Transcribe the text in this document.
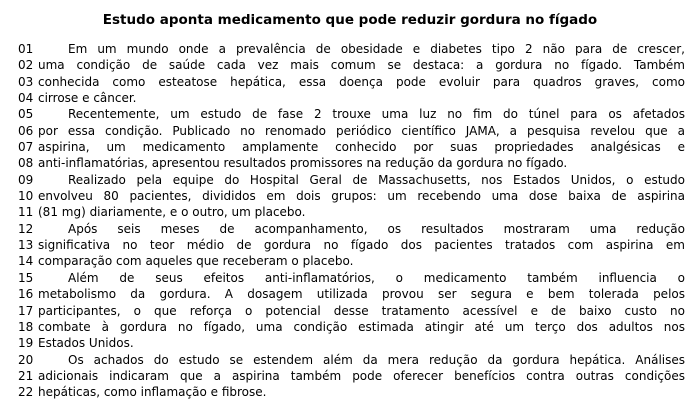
Estudo aponta medicamento que pode reduzir gordura no fígado
01	Em um mundo onde a prevalência de obesidade e diabetes tipo 2 não para de crescer,
02 uma condição de saúde cada vez mais comum se destaca: a gordura no fígado. Também
03 conhecida como esteatose hepática, essa doença pode evoluir para quadros graves, como
04 cirrose e câncer.
05	Recentemente, um estudo de fase 2 trouxe uma luz no fim do túnel para os afetados
06 por essa condição. Publicado no renomado periódico científico JAMA, a pesquisa revelou que a
07 aspirina, um medicamento amplamente conhecido por suas propriedades analgésicas e
08 anti-inflamatórias, apresentou resultados promissores na redução da gordura no fígado.
09	Realizado pela equipe do Hospital Geral de Massachusetts, nos Estados Unidos, o estudo
10 envolveu 80 pacientes, divididos em dois grupos: um recebendo uma dose baixa de aspirina
11 (81 mg) diariamente, e o outro, um placebo.
12	Após seis meses de acompanhamento, os resultados mostraram uma redução
13 significativa no teor médio de gordura no fígado dos pacientes tratados com aspirina em
14 comparação com aqueles que receberam o placebo.
15	Além de seus efeitos anti-inflamatórios, o medicamento também influencia o
16 metabolismo da gordura. A dosagem utilizada provou ser segura e bem tolerada pelos
17 participantes, o que reforça o potencial desse tratamento acessível e de baixo custo no
18 combate à gordura no fígado, uma condição estimada atingir até um terço dos adultos nos
19 Estados Unidos.
20	Os achados do estudo se estendem além da mera redução da gordura hepática. Análises
21 adicionais indicaram que a aspirina também pode oferecer benefícios contra outras condições
22 hepáticas, como inflamação e fibrose.
